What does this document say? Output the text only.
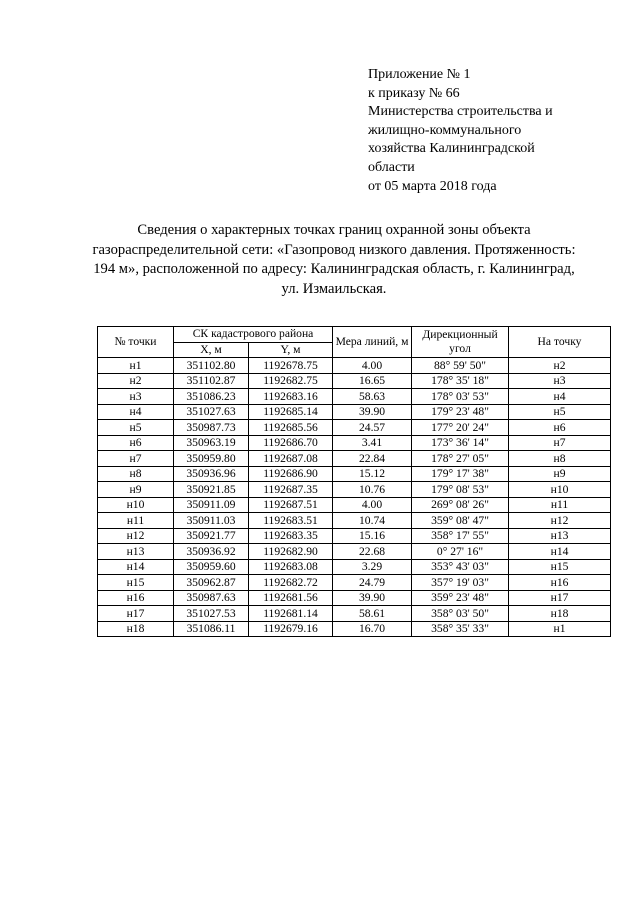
Приложение № 1
к приказу № 66
Министерства строительства и
жилищно-коммунального
хозяйства Калининградской
области
от 05 марта 2018 года
Сведения о характерных точках границ охранной зоны объекта
газораспределительной сети: «Газопровод низкого давления. Протяженность:
194 м», расположенной по адресу: Калининградская область, г. Калининград,
ул. Измаильская.
№ точки	СК кадастрового района		Мера линий, м	Дирекционный угол	На точку
	X, м	Y, м			
н1	351102.80	1192678.75	4.00	88° 59' 50"	н2
н2	351102.87	1192682.75	16.65	178° 35' 18"	н3
н3	351086.23	1192683.16	58.63	178° 03' 53"	н4
н4	351027.63	1192685.14	39.90	179° 23' 48"	н5
н5	350987.73	1192685.56	24.57	177° 20' 24"	н6
н6	350963.19	1192686.70	3.41	173° 36' 14"	н7
н7	350959.80	1192687.08	22.84	178° 27' 05"	н8
н8	350936.96	1192686.90	15.12	179° 17' 38"	н9
н9	350921.85	1192687.35	10.76	179° 08' 53"	н10
н10	350911.09	1192687.51	4.00	269° 08' 26"	н11
н11	350911.03	1192683.51	10.74	359° 08' 47"	н12
н12	350921.77	1192683.35	15.16	358° 17' 55"	н13
н13	350936.92	1192682.90	22.68	0° 27' 16"	н14
н14	350959.60	1192683.08	3.29	353° 43' 03"	н15
н15	350962.87	1192682.72	24.79	357° 19' 03"	н16
н16	350987.63	1192681.56	39.90	359° 23' 48"	н17
н17	351027.53	1192681.14	58.61	358° 03' 50"	н18
н18	351086.11	1192679.16	16.70	358° 35' 33"	н1
